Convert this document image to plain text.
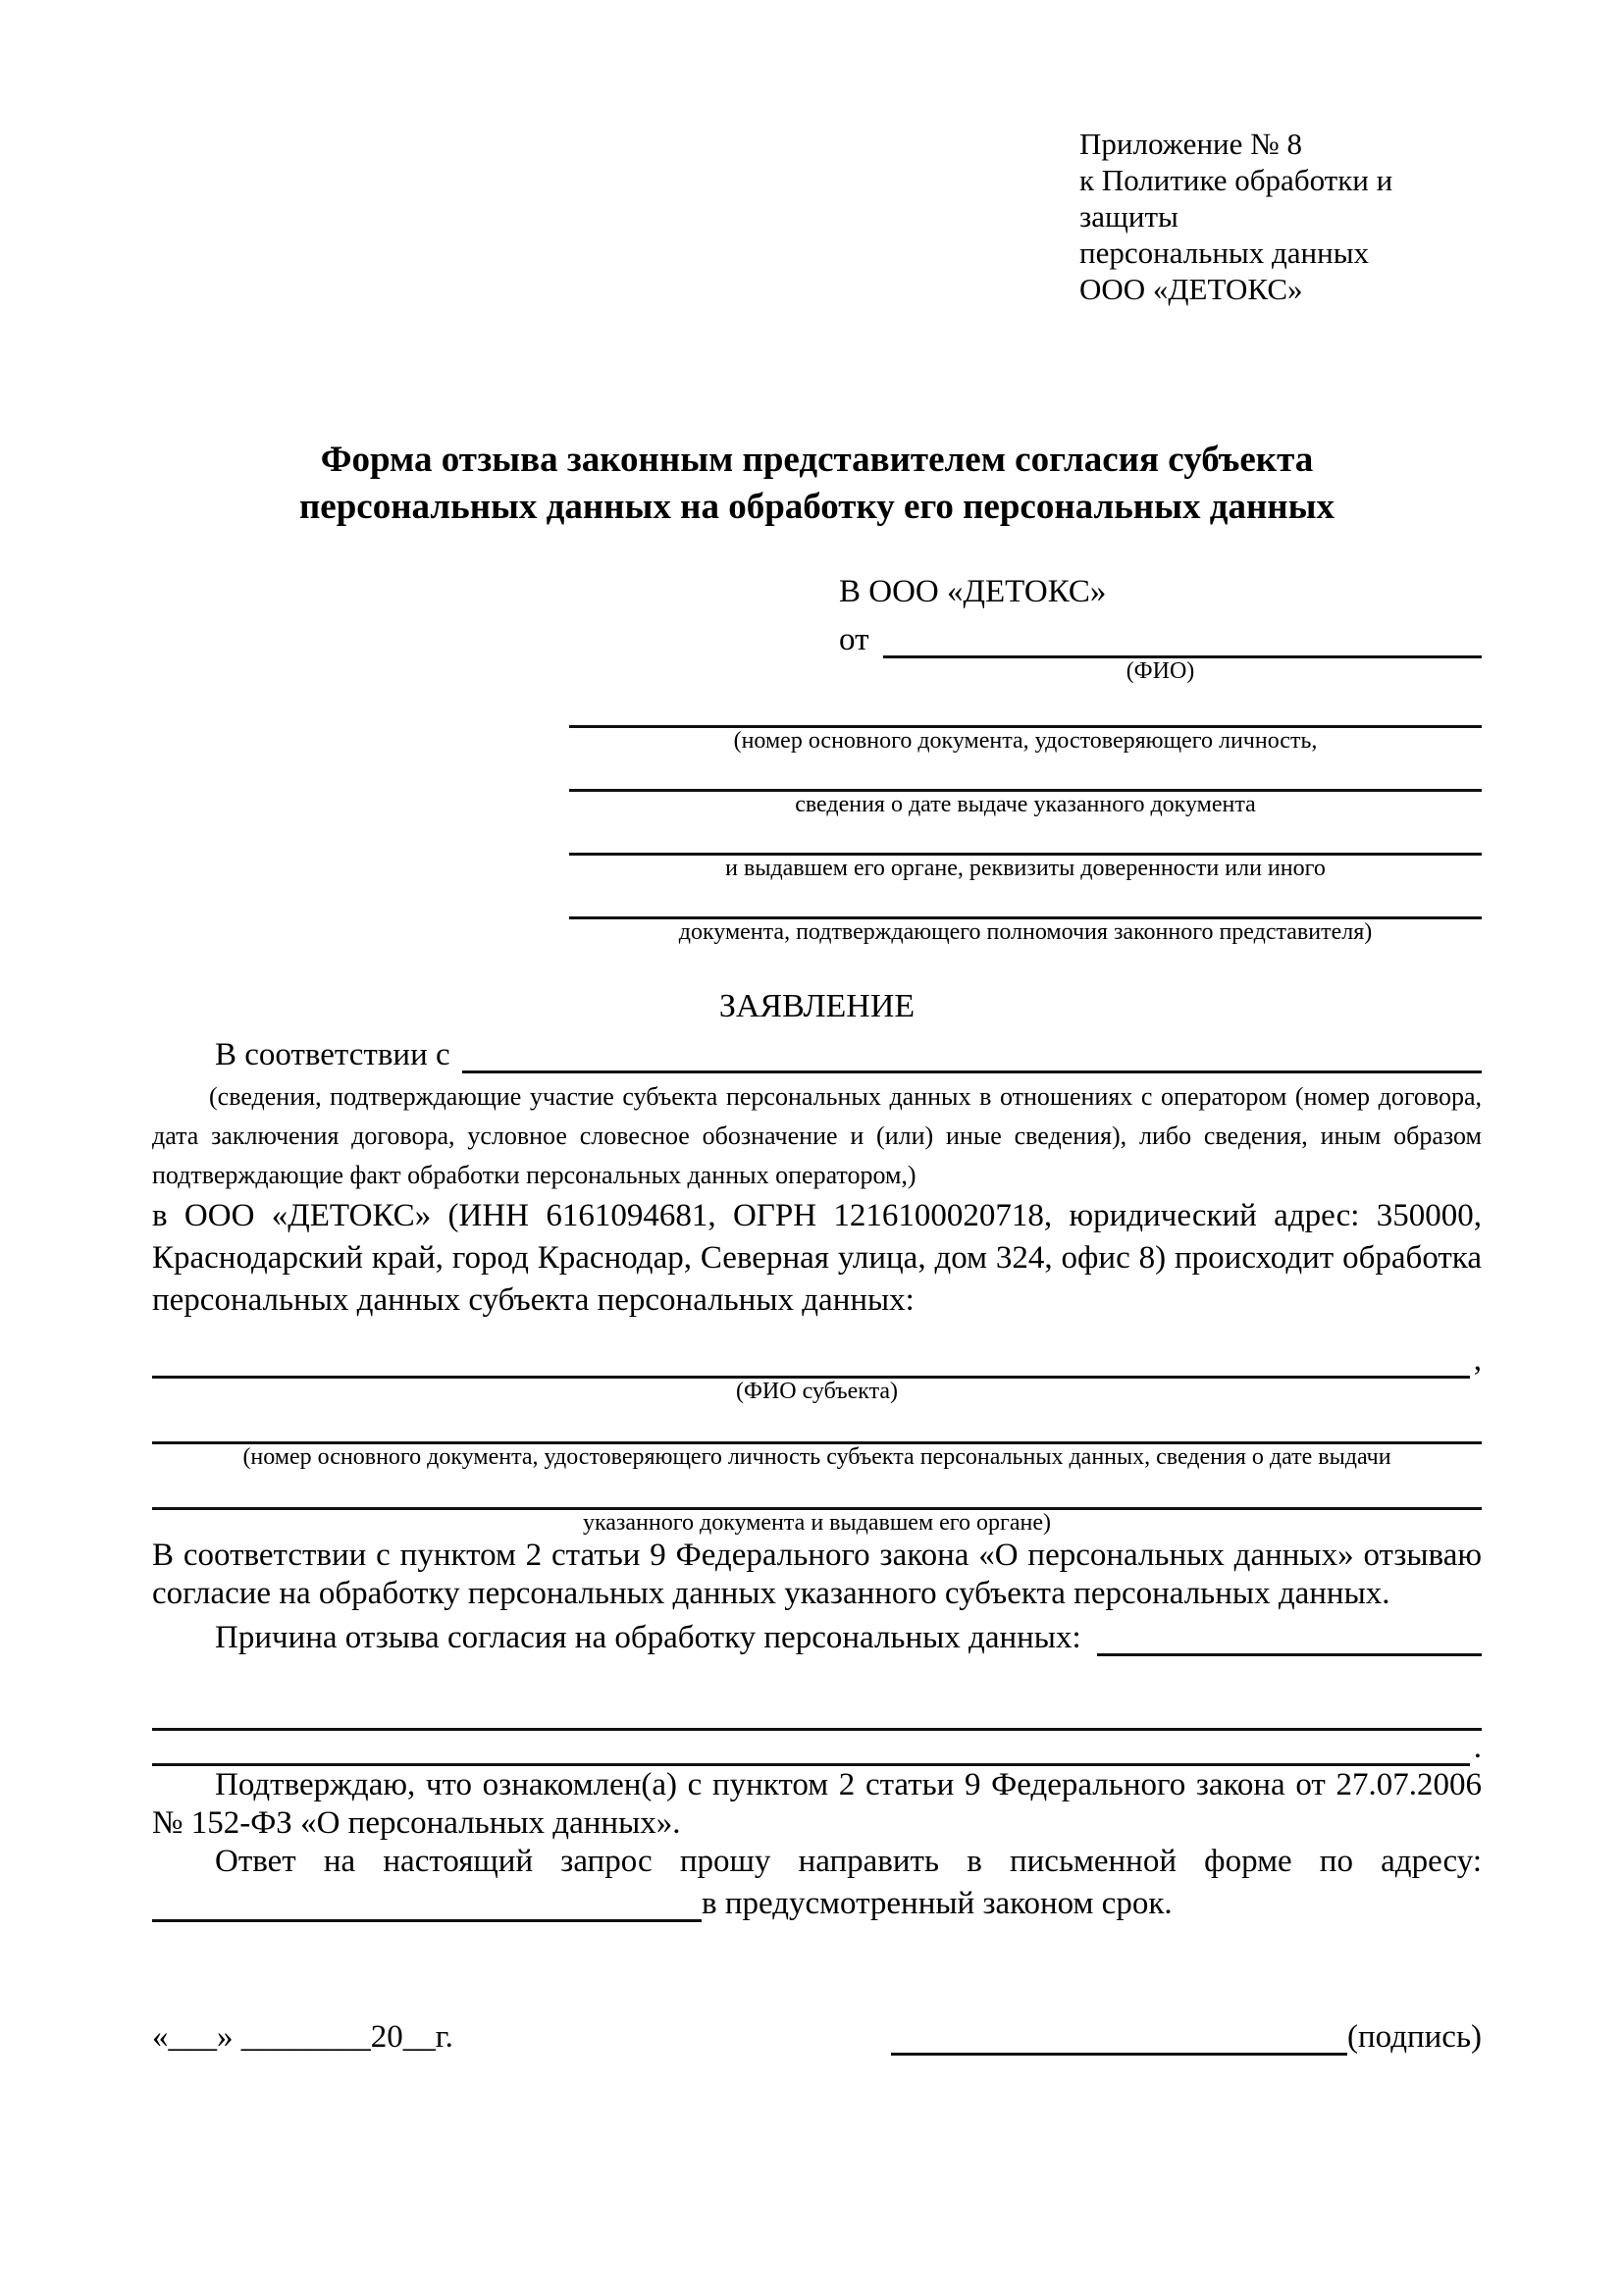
Приложение № 8
к Политике обработки и защиты
персональных данных
ООО «ДЕТОКС»
Форма отзыва законным представителем согласия субъекта
персональных данных на обработку его персональных данных
В ООО «ДЕТОКС»
от
(ФИО)
(номер основного документа, удостоверяющего личность,
сведения о дате выдаче указанного документа
и выдавшем его органе, реквизиты доверенности или иного
документа, подтверждающего полномочия законного представителя)
ЗАЯВЛЕНИЕ
В соответствии с
(сведения, подтверждающие участие субъекта персональных данных в отношениях с оператором (номер договора, дата заключения договора, условное словесное обозначение и (или) иные сведения), либо сведения, иным образом подтверждающие факт обработки персональных данных оператором,)
в ООО «ДЕТОКС» (ИНН 6161094681, ОГРН 1216100020718, юридический адрес: 350000, Краснодарский край, город Краснодар, Северная улица, дом 324, офис 8) происходит обработка персональных данных субъекта персональных данных:
,
(ФИО субъекта)
(номер основного документа, удостоверяющего личность субъекта персональных данных, сведения о дате выдачи
указанного документа и выдавшем его органе)
В соответствии с пунктом 2 статьи 9 Федерального закона «О персональных данных» отзываю согласие на обработку персональных данных указанного субъекта персональных данных.
Причина отзыва согласия на обработку персональных данных:
.
Подтверждаю, что ознакомлен(а) с пунктом 2 статьи 9 Федерального закона от 27.07.2006 № 152-ФЗ «О персональных данных».
Ответ на настоящий запрос прошу направить в письменной форме по адресу:
в предусмотренный законом срок.
«___» ________20__г.	(подпись)
